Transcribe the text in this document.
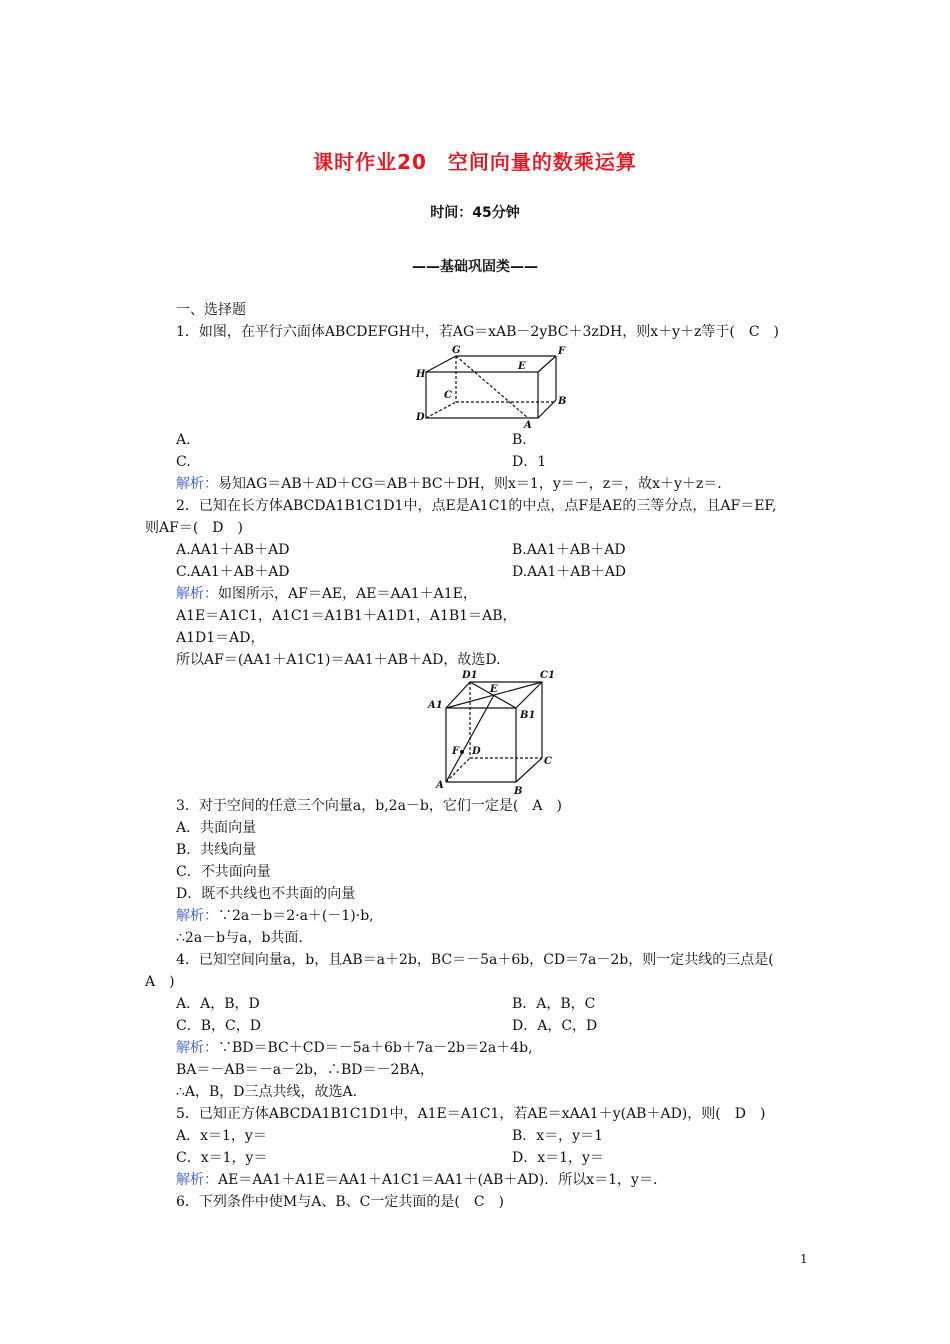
课时作业20　空间向量的数乘运算
时间：45分钟
——基础巩固类——
一、选择题
1．如图，在平行六面体ABCDEFGH中，若AG＝xAB－2yBC＋3zDH，则x＋y＋z等于(　C　)
G	F
H
E
C
B
D
A
A.	B.
C.	D．1
解析：易知AG＝AB＋AD＋CG＝AB＋BC＋DH，则x＝1，y＝－，z＝，故x＋y＋z＝.
2．已知在长方体ABCDA1B1C1D1中，点E是A1C1的中点，点F是AE的三等分点，且AF＝EF,
则AF＝(　D　)
A.AA1＋AB＋AD	B.AA1＋AB＋AD
C.AA1＋AB＋AD	D.AA1＋AB＋AD
解析：如图所示，AF＝AE，AE＝AA1＋A1E，
A1E＝A1C1，A1C1＝A1B1＋A1D1，A1B1＝AB，
A1D1＝AD，
所以AF＝(AA1＋A1C1)＝AA1＋AB＋AD，故选D.
D1	C1
E
A1
B1
F D
C
A
B
3．对于空间的任意三个向量a，b,2a－b，它们一定是(　A　)
A．共面向量
B．共线向量
C．不共面向量
D．既不共线也不共面的向量
解析：∵2a－b＝2·a＋(－1)·b,
∴2a－b与a，b共面.
4．已知空间向量a，b，且AB＝a＋2b，BC＝－5a＋6b，CD＝7a－2b，则一定共线的三点是(
A　)
A．A，B，D	B．A，B，C
C．B，C，D	D．A，C，D
解析：∵BD＝BC＋CD＝－5a＋6b＋7a－2b＝2a＋4b,
BA＝－AB＝－a－2b，∴BD＝－2BA，
∴A，B，D三点共线，故选A.
5．已知正方体ABCDA1B1C1D1中，A1E＝A1C1，若AE＝xAA1＋y(AB＋AD)，则(　D　)
A．x＝1，y＝	B．x＝，y＝1
C．x＝1，y＝	D．x＝1，y＝
解析：AE＝AA1＋A1E＝AA1＋A1C1＝AA1＋(AB＋AD)．所以x＝1，y＝.
6．下列条件中使M与A、B、C一定共面的是(　C　)
1
